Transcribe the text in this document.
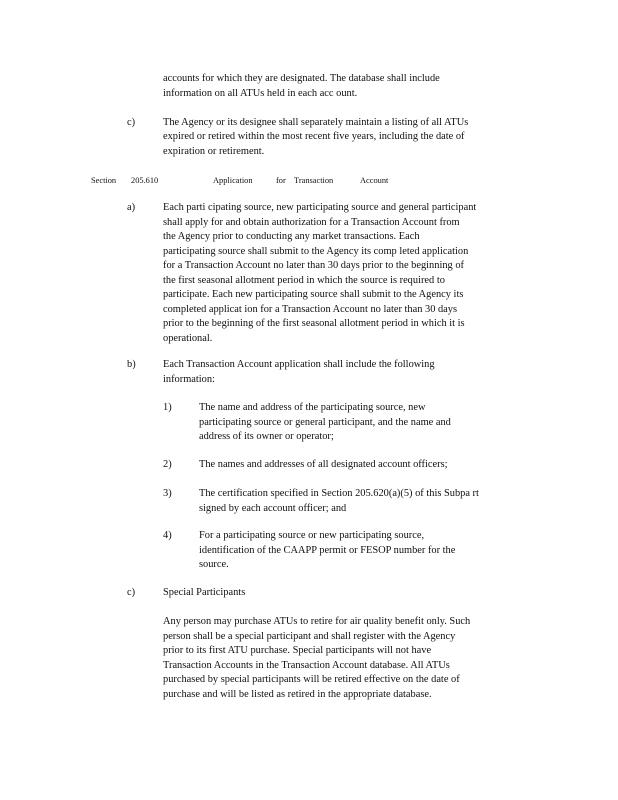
accounts for which they are designated. The database shall include
information on all ATUs held in each acc ount.
c)	The Agency or its designee shall separately maintain a listing of all ATUs
expired or retired within the most recent five years, including the date of
expiration or retirement.
Section 205.610	Application	for Transaction	Account
a)	Each parti cipating source, new participating source and general participant
shall apply for and obtain authorization for a Transaction Account from
the Agency prior to conducting any market transactions. Each
participating source shall submit to the Agency its comp leted application
for a Transaction Account no later than 30 days prior to the beginning of
the first seasonal allotment period in which the source is required to
participate. Each new participating source shall submit to the Agency its
completed applicat ion for a Transaction Account no later than 30 days
prior to the beginning of the first seasonal allotment period in which it is
operational.
b)	Each Transaction Account application shall include the following
information:
1)	The name and address of the participating source, new
participating source or general participant, and the name and
address of its owner or operator;
2)	The names and addresses of all designated account officers;
3)	The certification specified in Section 205.620(a)(5) of this Subpa rt
signed by each account officer; and
4)	For a participating source or new participating source,
identification of the CAAPP permit or FESOP number for the
source.
c)	Special Participants
Any person may purchase ATUs to retire for air quality benefit only. Such
person shall be a special participant and shall register with the Agency
prior to its first ATU purchase. Special participants will not have
Transaction Accounts in the Transaction Account database. All ATUs
purchased by special participants will be retired effective on the date of
purchase and will be listed as retired in the appropriate database.
